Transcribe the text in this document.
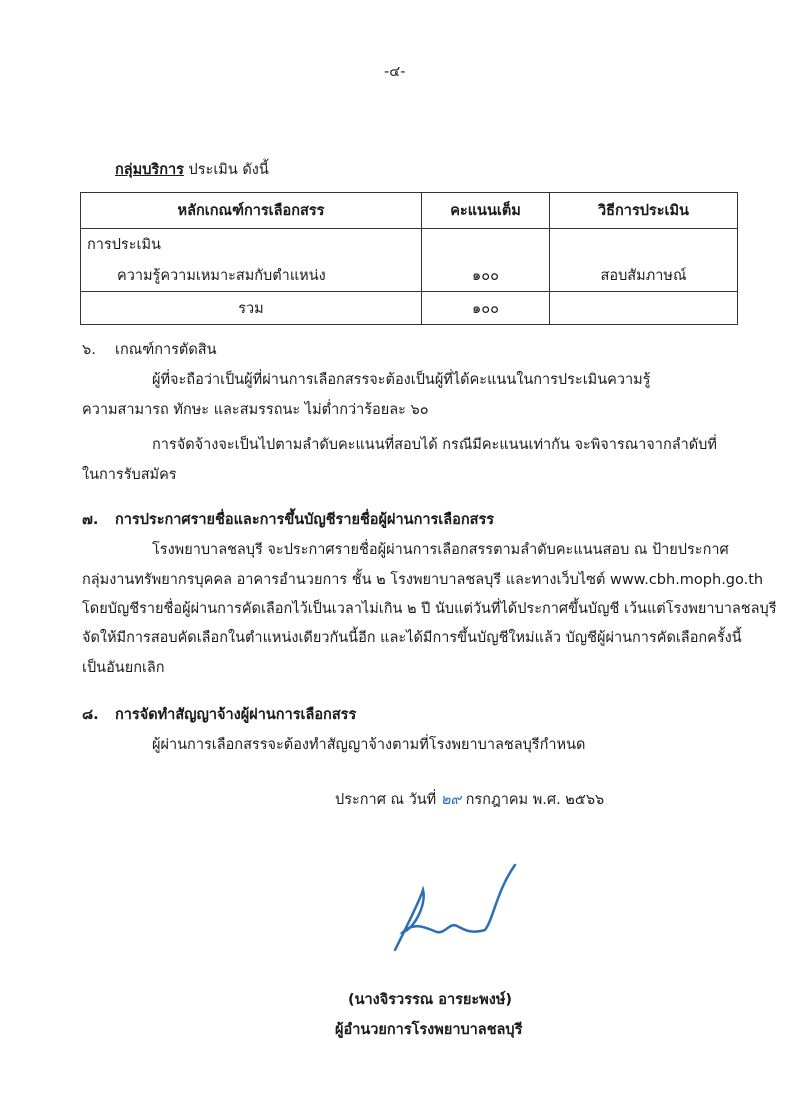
-๔-
กลุ่มบริการ ประเมิน ดังนี้
หลักเกณฑ์การเลือกสรร	คะแนนเต็ม	วิธีการประเมิน

การประเมิน
ความรู้ความเหมาะสมกับตำแหน่ง	๑๐๐	สอบสัมภาษณ์
รวม	๑๐๐	
๖. เกณฑ์การตัดสิน
ผู้ที่จะถือว่าเป็นผู้ที่ผ่านการเลือกสรรจะต้องเป็นผู้ที่ได้คะแนนในการประเมินความรู้
ความสามารถ ทักษะ และสมรรถนะ ไม่ต่ำกว่าร้อยละ ๖๐
การจัดจ้างจะเป็นไปตามลำดับคะแนนที่สอบได้ กรณีมีคะแนนเท่ากัน จะพิจารณาจากลำดับที่
ในการรับสมัคร
๗. การประกาศรายชื่อและการขึ้นบัญชีรายชื่อผู้ผ่านการเลือกสรร
โรงพยาบาลชลบุรี จะประกาศรายชื่อผู้ผ่านการเลือกสรรตามลำดับคะแนนสอบ ณ ป้ายประกาศ
กลุ่มงานทรัพยากรบุคคล อาคารอำนวยการ ชั้น ๒ โรงพยาบาลชลบุรี และทางเว็บไซต์ www.cbh.moph.go.th
โดยบัญชีรายชื่อผู้ผ่านการคัดเลือกไว้เป็นเวลาไม่เกิน ๒ ปี นับแต่วันที่ได้ประกาศขึ้นบัญชี เว้นแต่โรงพยาบาลชลบุรี
จัดให้มีการสอบคัดเลือกในตำแหน่งเดียวกันนี้อีก และได้มีการขึ้นบัญชีใหม่แล้ว บัญชีผู้ผ่านการคัดเลือกครั้งนี้
เป็นอันยกเลิก
๘. การจัดทำสัญญาจ้างผู้ผ่านการเลือกสรร
ผู้ผ่านการเลือกสรรจะต้องทำสัญญาจ้างตามที่โรงพยาบาลชลบุรีกำหนด
ประกาศ ณ วันที่ ๒๙ กรกฎาคม พ.ศ. ๒๕๖๖
(นางจิรวรรณ อารยะพงษ์)
ผู้อำนวยการโรงพยาบาลชลบุรี
